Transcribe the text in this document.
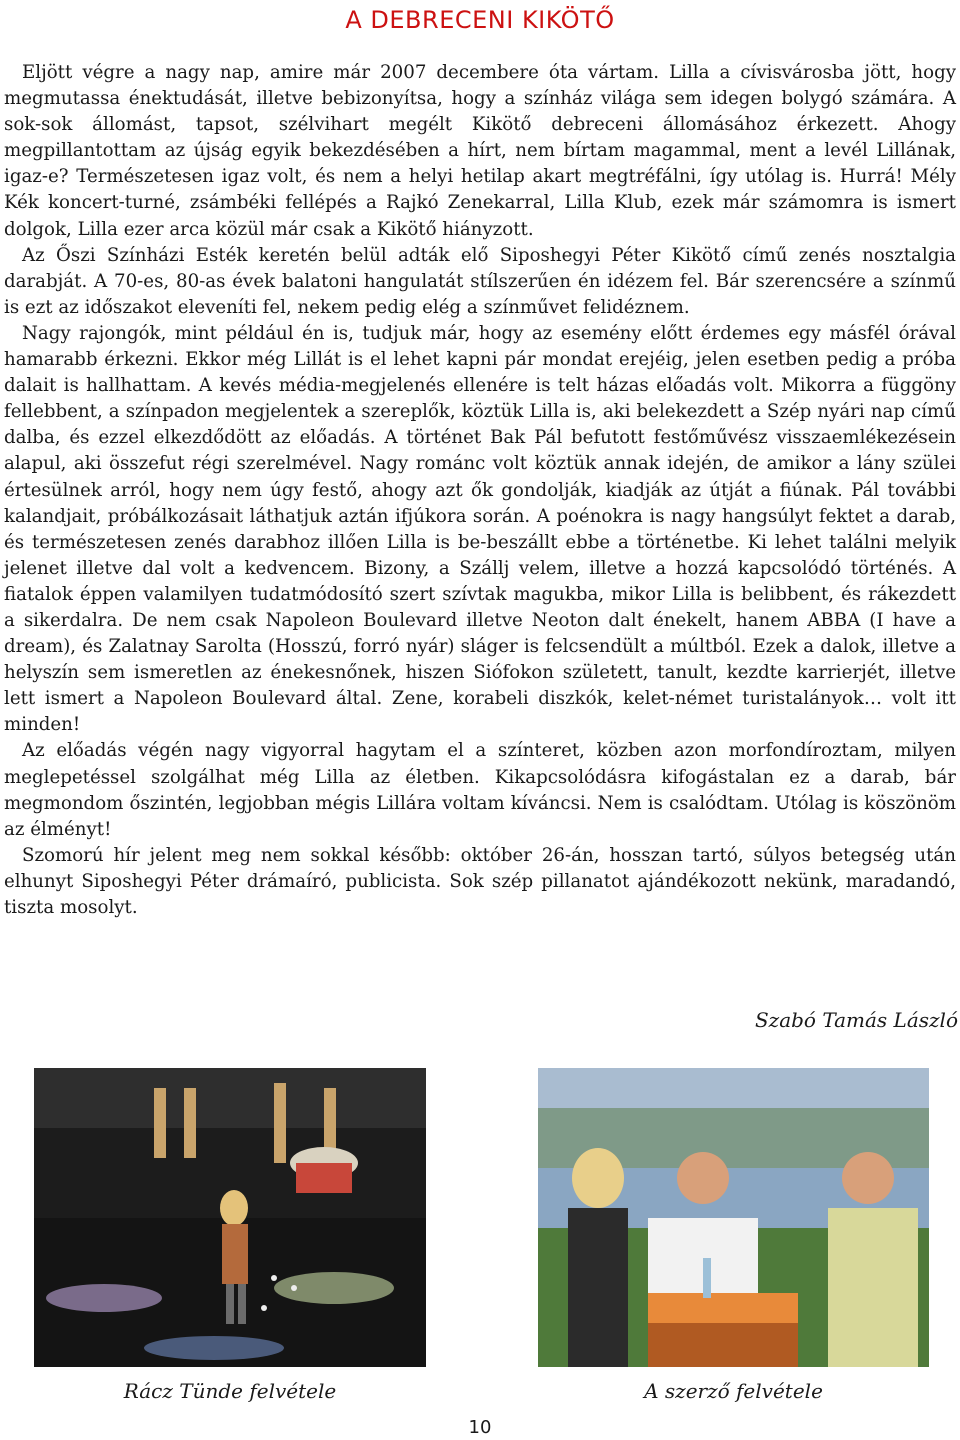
A DEBRECENI KIKÖTŐ

Eljött végre a nagy nap, amire már 2007 decembere óta vártam. Lilla a cívisvárosba jött, hogy megmutassa énektudását, illetve bebizonyítsa, hogy a színház világa sem idegen bolygó számára. A sok-sok állomást, tapsot, szélvihart megélt Kikötő debreceni állomásához érkezett. Ahogy megpillantottam az újság egyik bekezdésében a hírt, nem bírtam magammal, ment a levél Lillának, igaz-e? Természetesen igaz volt, és nem a helyi hetilap akart megtréfálni, így utólag is. Hurrá! Mély Kék koncert-turné, zsámbéki fellépés a Rajkó Zenekarral, Lilla Klub, ezek már számomra is ismert dolgok, Lilla ezer arca közül már csak a Kikötő hiányzott.

Az Őszi Színházi Esték keretén belül adták elő Siposhegyi Péter Kikötő című zenés nosztalgia darabját. A 70-es, 80-as évek balatoni hangulatát stílszerűen én idézem fel. Bár szerencsére a színmű is ezt az időszakot eleveníti fel, nekem pedig elég a színművet felidéznem.

Nagy rajongók, mint például én is, tudjuk már, hogy az esemény előtt érdemes egy másfél órával hamarabb érkezni. Ekkor még Lillát is el lehet kapni pár mondat erejéig, jelen esetben pedig a próba dalait is hallhattam. A kevés média-megjelenés ellenére is telt házas előadás volt. Mikorra a függöny fellebbent, a színpadon megjelentek a szereplők, köztük Lilla is, aki belekezdett a Szép nyári nap című dalba, és ezzel elkezdődött az előadás. A történet Bak Pál befutott festőművész visszaemlékezésein alapul, aki összefut régi szerelmével. Nagy románc volt köztük annak idején, de amikor a lány szülei értesülnek arról, hogy nem úgy festő, ahogy azt ők gondolják, kiadják az útját a fiúnak. Pál további kalandjait, próbálkozásait láthatjuk aztán ifjúkora során. A poénokra is nagy hangsúlyt fektet a darab, és természetesen zenés darabhoz illően Lilla is be-beszállt ebbe a történetbe. Ki lehet találni melyik jelenet illetve dal volt a kedvencem. Bizony, a Szállj velem, illetve a hozzá kapcsolódó történés. A fiatalok éppen valamilyen tudatmódosító szert szívtak magukba, mikor Lilla is belibbent, és rákezdett a sikerdalra. De nem csak Napoleon Boulevard illetve Neoton dalt énekelt, hanem ABBA (I have a dream), és Zalatnay Sarolta (Hosszú, forró nyár) sláger is felcsendült a múltból. Ezek a dalok, illetve a helyszín sem ismeretlen az énekesnőnek, hiszen Siófokon született, tanult, kezdte karrierjét, illetve lett ismert a Napoleon Boulevard által. Zene, korabeli diszkók, kelet-német turistalányok… volt itt minden!

Az előadás végén nagy vigyorral hagytam el a színteret, közben azon morfondíroztam, milyen meglepetéssel szolgálhat még Lilla az életben. Kikapcsolódásra kifogástalan ez a darab, bár megmondom őszintén, legjobban mégis Lillára voltam kíváncsi. Nem is csalódtam. Utólag is köszönöm az élményt!

Szomorú hír jelent meg nem sokkal később: október 26-án, hosszan tartó, súlyos betegség után elhunyt Siposhegyi Péter drámaíró, publicista. Sok szép pillanatot ajándékozott nekünk, maradandó, tiszta mosolyt.

Szabó Tamás László
Rácz Tünde felvétele	A szerző felvétele
10
